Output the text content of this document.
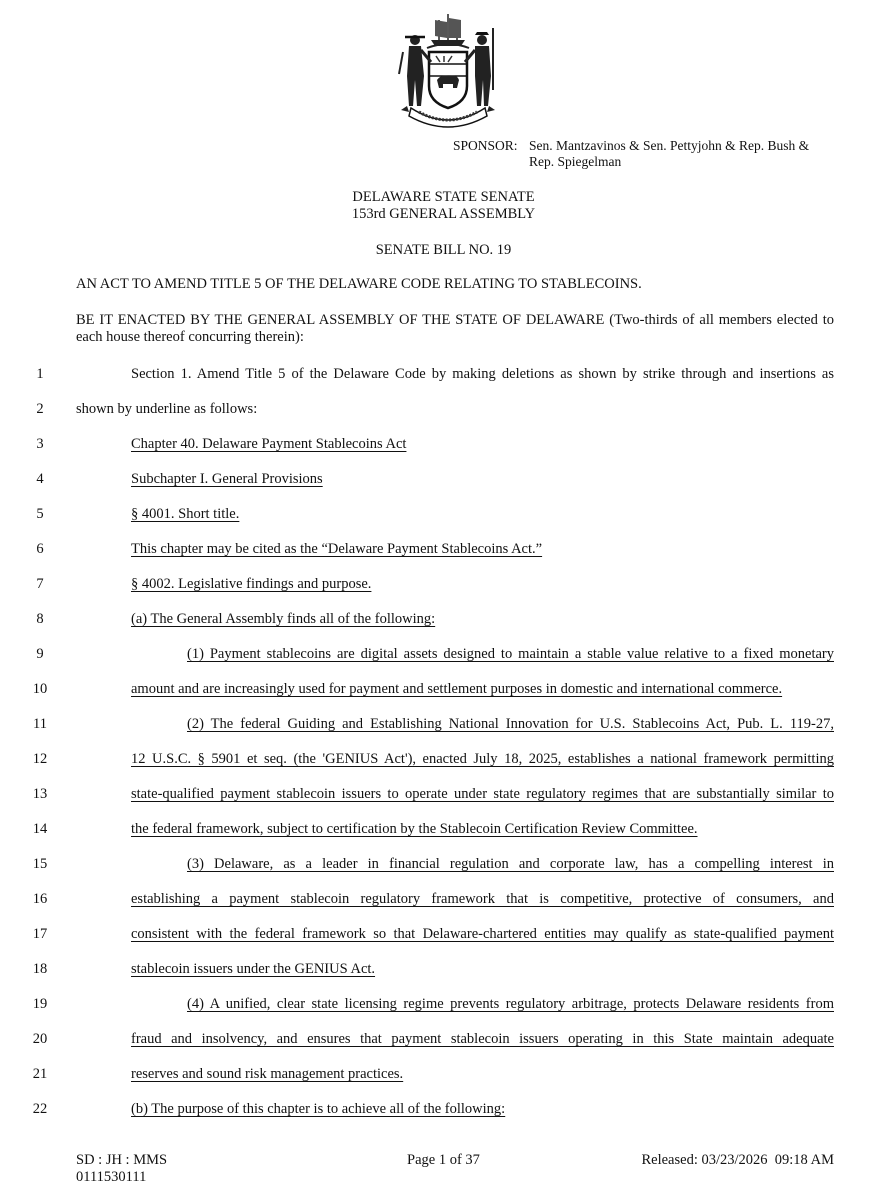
SPONSOR: Sen. Mantzavinos & Sen. Pettyjohn & Rep. Bush &
Rep. Spiegelman
DELAWARE STATE SENATE
153rd GENERAL ASSEMBLY
SENATE BILL NO. 19
AN ACT TO AMEND TITLE 5 OF THE DELAWARE CODE RELATING TO STABLECOINS.
BE IT ENACTED BY THE GENERAL ASSEMBLY OF THE STATE OF DELAWARE (Two-thirds of all members elected to each house thereof concurring therein):
1	Section 1. Amend Title 5 of the Delaware Code by making deletions as shown by strike through and insertions as
2	shown by underline as follows:
3	Chapter 40. Delaware Payment Stablecoins Act
4	Subchapter I. General Provisions
5	§ 4001. Short title.
6	This chapter may be cited as the “Delaware Payment Stablecoins Act.”
7	§ 4002. Legislative findings and purpose.
8	(a) The General Assembly finds all of the following:
9	(1) Payment stablecoins are digital assets designed to maintain a stable value relative to a fixed monetary
10	amount and are increasingly used for payment and settlement purposes in domestic and international commerce.
11	(2) The federal Guiding and Establishing National Innovation for U.S. Stablecoins Act, Pub. L. 119-27,
12	12 U.S.C. § 5901 et seq. (the 'GENIUS Act'), enacted July 18, 2025, establishes a national framework permitting
13	state-qualified payment stablecoin issuers to operate under state regulatory regimes that are substantially similar to
14	the federal framework, subject to certification by the Stablecoin Certification Review Committee.
15	(3) Delaware, as a leader in financial regulation and corporate law, has a compelling interest in
16	establishing a payment stablecoin regulatory framework that is competitive, protective of consumers, and
17	consistent with the federal framework so that Delaware-chartered entities may qualify as state-qualified payment
18	stablecoin issuers under the GENIUS Act.
19	(4) A unified, clear state licensing regime prevents regulatory arbitrage, protects Delaware residents from
20	fraud and insolvency, and ensures that payment stablecoin issuers operating in this State maintain adequate
21	reserves and sound risk management practices.
22	(b) The purpose of this chapter is to achieve all of the following:
SD : JH : MMS
0111530111
Page 1 of 37	Released: 03/23/2026  09:18 AM
